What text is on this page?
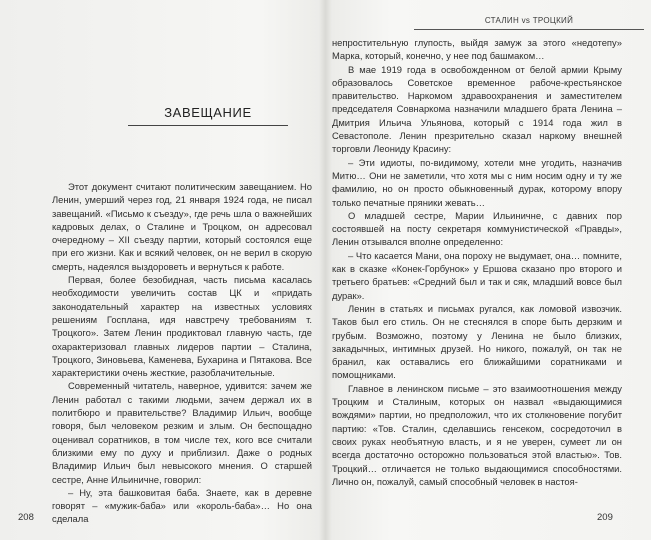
ЗАВЕЩАНИЕ

Этот документ считают политическим завещанием. Но Ленин, умерший через год, 21 января 1924 года, не писал завещаний. «Письмо к съезду», где речь шла о важнейших кадровых делах, о Сталине и Троцком, он адресовал очередному – XII съезду партии, который состоялся еще при его жизни. Как и всякий человек, он не верил в скорую смерть, надеялся выздороветь и вернуться к работе.

Первая, более безобидная, часть письма касалась необходимости увеличить состав ЦК и «придать законодательный характер на известных условиях решениям Госплана, идя навстречу требованиям т. Троцкого». Затем Ленин продиктовал главную часть, где охарактеризовал главных лидеров партии – Сталина, Троцкого, Зиновьева, Каменева, Бухарина и Пятакова. Все характеристики очень жесткие, разоблачительные.

Современный читатель, наверное, удивится: зачем же Ленин работал с такими людьми, зачем держал их в политбюро и правительстве? Владимир Ильич, вообще говоря, был человеком резким и злым. Он беспощадно оценивал соратников, в том числе тех, кого все считали близкими ему по духу и приблизил. Даже о родных Владимир Ильич был невысокого мнения. О старшей сестре, Анне Ильиничне, говорил:

– Ну, эта башковитая баба. Знаете, как в деревне говорят – «мужик-баба» или «король-баба»… Но она сделала

208
СТАЛИН vs ТРОЦКИЙ

непростительную глупость, выйдя замуж за этого «недотепу» Марка, который, конечно, у нее под башмаком…

В мае 1919 года в освобожденном от белой армии Крыму образовалось Советское временное рабоче-крестьянское правительство. Наркомом здравоохранения и заместителем председателя Совнаркома назначили младшего брата Ленина – Дмитрия Ильича Ульянова, который с 1914 года жил в Севастополе. Ленин презрительно сказал наркому внешней торговли Леониду Красину:

– Эти идиоты, по-видимому, хотели мне угодить, назначив Митю… Они не заметили, что хотя мы с ним носим одну и ту же фамилию, но он просто обыкновенный дурак, которому впору только печатные пряники жевать…

О младшей сестре, Марии Ильиничне, с давних пор состоявшей на посту секретаря коммунистической «Правды», Ленин отзывался вполне определенно:

– Что касается Мани, она пороху не выдумает, она… помните, как в сказке «Конек-Горбунок» у Ершова сказано про второго и третьего братьев: «Средний был и так и сяк, младший вовсе был дурак».

Ленин в статьях и письмах ругался, как ломовой извозчик. Таков был его стиль. Он не стеснялся в споре быть дерзким и грубым. Возможно, поэтому у Ленина не было близких, закадычных, интимных друзей. Но никого, пожалуй, он так не бранил, как оставались его ближайшими соратниками и помощниками.

Главное в ленинском письме – это взаимоотношения между Троцким и Сталиным, которых он назвал «выдающимися вождями» партии, но предположил, что их столкновение погубит партию: «Тов. Сталин, сделавшись генсеком, сосредоточил в своих руках необъятную власть, и я не уверен, сумеет ли он всегда достаточно осторожно пользоваться этой властью». Тов. Троцкий… отличается не только выдающимися способностями. Лично он, пожалуй, самый способный человек в настоя-

209
